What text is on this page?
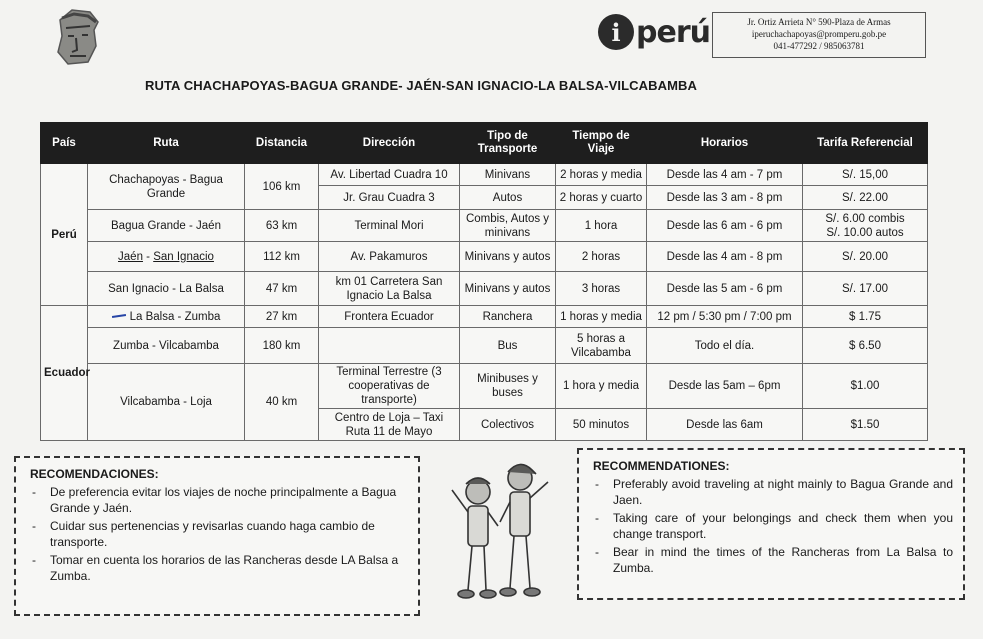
i perú	Jr. Ortiz Arrieta N° 590-Plaza de Armas
iperuchachapoyas@promperu.gob.pe
041-477292 / 985063781
RUTA CHACHAPOYAS-BAGUA GRANDE- JAÉN-SAN IGNACIO-LA BALSA-VILCABAMBA
País	Ruta	Distancia	Dirección	Tipo de Transporte	Tiempo de Viaje	Horarios	Tarifa Referencial
Perú	Chachapoyas - Bagua Grande	106 km	Av. Libertad Cuadra 10	Minivans	2 horas y media	Desde las 4 am - 7 pm	S/. 15,00
			Jr. Grau Cuadra 3	Autos	2 horas y cuarto	Desde las 3 am - 8 pm	S/. 22.00
	Bagua Grande - Jaén	63 km	Terminal Mori	Combis, Autos y minivans	1 hora	Desde las 6 am - 6 pm	S/. 6.00 combis
S/. 10.00 autos

	Jaén - San Ignacio	112 km	Av. Pakamuros	Minivans y autos	2 horas	Desde las 4 am - 8 pm	S/. 20.00
	San Ignacio - La Balsa	47 km	km 01 Carretera San Ignacio La Balsa	Minivans y autos	3 horas	Desde las 5 am - 6 pm	S/. 17.00
Ecuador	La Balsa - Zumba	27 km	Frontera Ecuador	Ranchera	1 horas y media	12 pm / 5:30 pm / 7:00 pm	$ 1.75
	Zumba - Vilcabamba	180 km		Bus	5 horas a Vilcabamba	Todo el día.	$ 6.50
	Vilcabamba - Loja	40 km	Terminal Terrestre (3 cooperativas de transporte)	Minibuses y buses	1 hora y media	Desde las 5am – 6pm	$1.00
			Centro de Loja – Taxi Ruta 11 de Mayo	Colectivos	50 minutos	Desde las 6am	$1.50
RECOMENDACIONES:
- De preferencia evitar los viajes de noche principalmente a Bagua Grande y Jaén.
- Cuidar sus pertenencias y revisarlas cuando haga cambio de transporte.
- Tomar en cuenta los horarios de las Rancheras desde LA Balsa a Zumba.
RECOMMENDATIONES:
- Preferably avoid traveling at night mainly to Bagua Grande and Jaen.
- Taking care of your belongings and check them when you change transport.
- Bear in mind the times of the Rancheras from La Balsa to Zumba.
